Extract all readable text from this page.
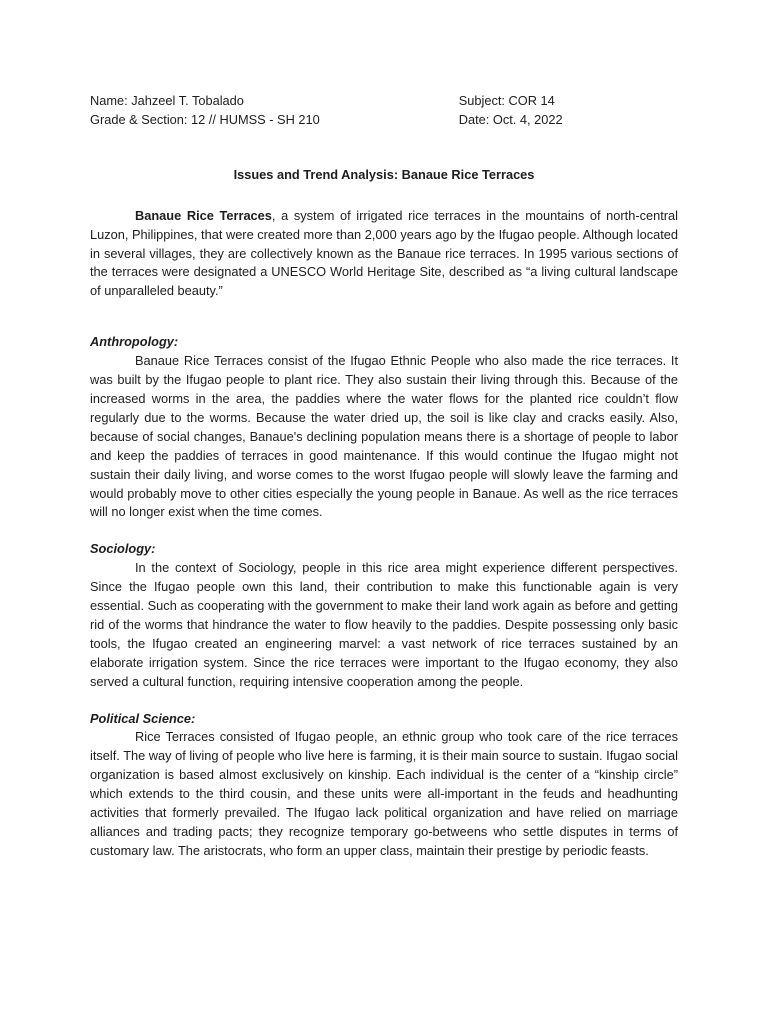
Name: Jahzeel T. Tobalado
Grade & Section: 12 // HUMSS - SH 210
Subject: COR 14
Date: Oct. 4, 2022
Issues and Trend Analysis: Banaue Rice Terraces

Banaue Rice Terraces, a system of irrigated rice terraces in the mountains of north-central Luzon, Philippines, that were created more than 2,000 years ago by the Ifugao people. Although located in several villages, they are collectively known as the Banaue rice terraces. In 1995 various sections of the terraces were designated a UNESCO World Heritage Site, described as “a living cultural landscape of unparalleled beauty.”

Anthropology:

Banaue Rice Terraces consist of the Ifugao Ethnic People who also made the rice terraces. It was built by the Ifugao people to plant rice. They also sustain their living through this. Because of the increased worms in the area, the paddies where the water flows for the planted rice couldn’t flow regularly due to the worms. Because the water dried up, the soil is like clay and cracks easily. Also, because of social changes, Banaue's declining population means there is a shortage of people to labor and keep the paddies of terraces in good maintenance. If this would continue the Ifugao might not sustain their daily living, and worse comes to the worst Ifugao people will slowly leave the farming and would probably move to other cities especially the young people in Banaue. As well as the rice terraces will no longer exist when the time comes.

Sociology:

In the context of Sociology, people in this rice area might experience different perspectives. Since the Ifugao people own this land, their contribution to make this functionable again is very essential. Such as cooperating with the government to make their land work again as before and getting rid of the worms that hindrance the water to flow heavily to the paddies. Despite possessing only basic tools, the Ifugao created an engineering marvel: a vast network of rice terraces sustained by an elaborate irrigation system. Since the rice terraces were important to the Ifugao economy, they also served a cultural function, requiring intensive cooperation among the people.

Political Science:

Rice Terraces consisted of Ifugao people, an ethnic group who took care of the rice terraces itself. The way of living of people who live here is farming, it is their main source to sustain. Ifugao social organization is based almost exclusively on kinship. Each individual is the center of a “kinship circle” which extends to the third cousin, and these units were all-important in the feuds and headhunting activities that formerly prevailed. The Ifugao lack political organization and have relied on marriage alliances and trading pacts; they recognize temporary go-betweens who settle disputes in terms of customary law. The aristocrats, who form an upper class, maintain their prestige by periodic feasts.
